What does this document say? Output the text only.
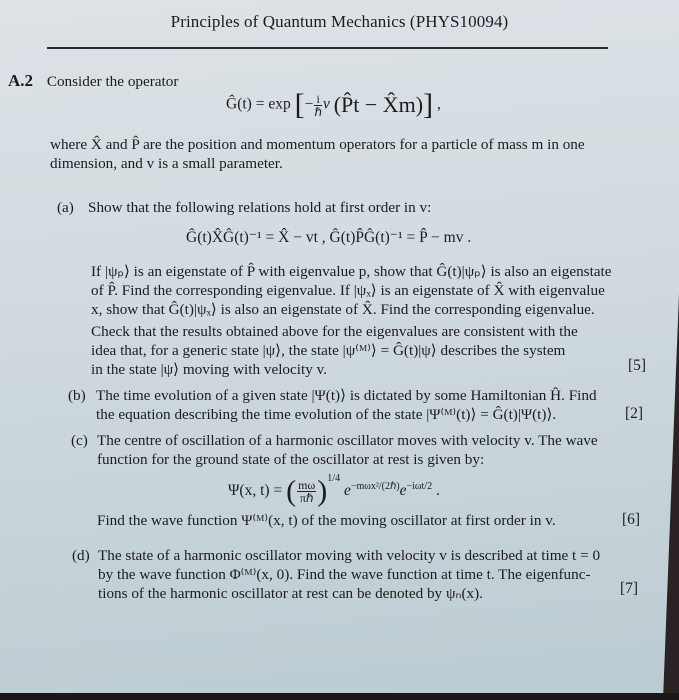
Principles of Quantum Mechanics (PHYS10094)
A.2 Consider the operator
Ĝ(t) = exp [− $\frac{i}{\text{ℏ}}$ v (P̂t − X̂m)] ,
where X̂ and P̂ are the position and momentum operators for a particle of mass m in one
dimension, and v is a small parameter.
(a) Show that the following relations hold at first order in v:
Ĝ(t)X̂Ĝ(t)⁻¹ = X̂ − vt , Ĝ(t)P̂Ĝ(t)⁻¹ = P̂ − mv .
If |ψₚ⟩ is an eigenstate of P̂ with eigenvalue p, show that Ĝ(t)|ψₚ⟩ is also an eigenstate
of P̂. Find the corresponding eigenvalue. If |ψₓ⟩ is an eigenstate of X̂ with eigenvalue
x, show that Ĝ(t)|ψₓ⟩ is also an eigenstate of X̂. Find the corresponding eigenvalue.
Check that the results obtained above for the eigenvalues are consistent with the
idea that, for a generic state |ψ⟩, the state |ψ⁽ᴹ⁾⟩ = Ĝ(t)|ψ⟩ describes the system
in the state |ψ⟩ moving with velocity v.	[5]
(b) The time evolution of a given state |Ψ(t)⟩ is dictated by some Hamiltonian Ĥ. Find
the equation describing the time evolution of the state |Ψ⁽ᴹ⁾(t)⟩ = Ĝ(t)|Ψ(t)⟩.	[2]
(c) The centre of oscillation of a harmonic oscillator moves with velocity v. The wave
function for the ground state of the oscillator at rest is given by:
Ψ(x, t) = ( $\frac{m\omega}{\text{πℏ}} )^{1/4}$ $e^{-m\omega x^2/(2\hbar)}e^{-i\omega t/2}$ .
Find the wave function Ψ⁽ᴹ⁾(x, t) of the moving oscillator at first order in v.	[6]
(d) The state of a harmonic oscillator moving with velocity v is described at time t = 0
by the wave function Φ⁽ᴹ⁾(x, 0). Find the wave function at time t. The eigenfunc-
tions of the harmonic oscillator at rest can be denoted by ψₙ(x).	[7]
